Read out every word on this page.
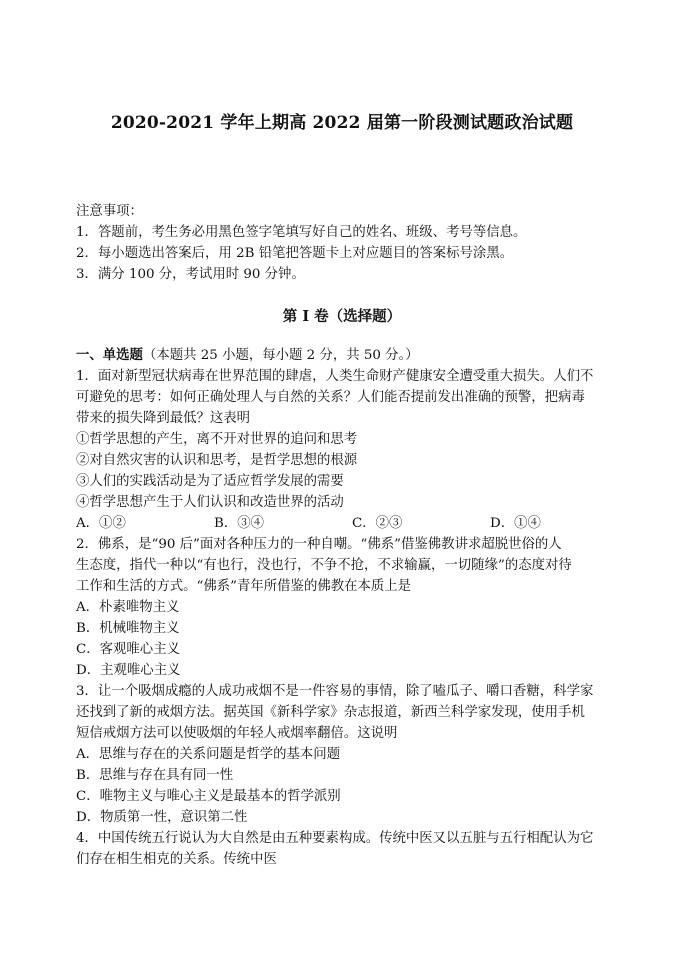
2020-2021 学年上期高 2022 届第一阶段测试题政治试题
注意事项：
1．答题前，考生务必用黑色签字笔填写好自己的姓名、班级、考号等信息。
2．每小题选出答案后，用 2B 铅笔把答题卡上对应题目的答案标号涂黑。
3．满分 100 分，考试用时 90 分钟。
第 I 卷（选择题）
一、单选题（本题共 25 小题，每小题 2 分，共 50 分。）
1．面对新型冠状病毒在世界范围的肆虐，人类生命财产健康安全遭受重大损失。人们不
可避免的思考：如何正确处理人与自然的关系？人们能否提前发出准确的预警，把病毒
带来的损失降到最低？这表明
①哲学思想的产生，离不开对世界的追问和思考
②对自然灾害的认识和思考，是哲学思想的根源
③人们的实践活动是为了适应哲学发展的需要
④哲学思想产生于人们认识和改造世界的活动
A．①②	B．③④	C．②③	D．①④
2．佛系，是“90 后”面对各种压力的一种自嘲。“佛系”借鉴佛教讲求超脱世俗的人
生态度，指代一种以“有也行，没也行，不争不抢，不求输赢，一切随缘”的态度对待
工作和生活的方式。“佛系”青年所借鉴的佛教在本质上是
A．朴素唯物主义
B．机械唯物主义
C．客观唯心主义
D．主观唯心主义
3．让一个吸烟成瘾的人成功戒烟不是一件容易的事情，除了嗑瓜子、嚼口香糖，科学家
还找到了新的戒烟方法。据英国《新科学家》杂志报道，新西兰科学家发现，使用手机
短信戒烟方法可以使吸烟的年轻人戒烟率翻倍。这说明
A．思维与存在的关系问题是哲学的基本问题
B．思维与存在具有同一性
C．唯物主义与唯心主义是最基本的哲学派别
D．物质第一性，意识第二性
4．中国传统五行说认为大自然是由五种要素构成。传统中医又以五脏与五行相配认为它
们存在相生相克的关系。传统中医
